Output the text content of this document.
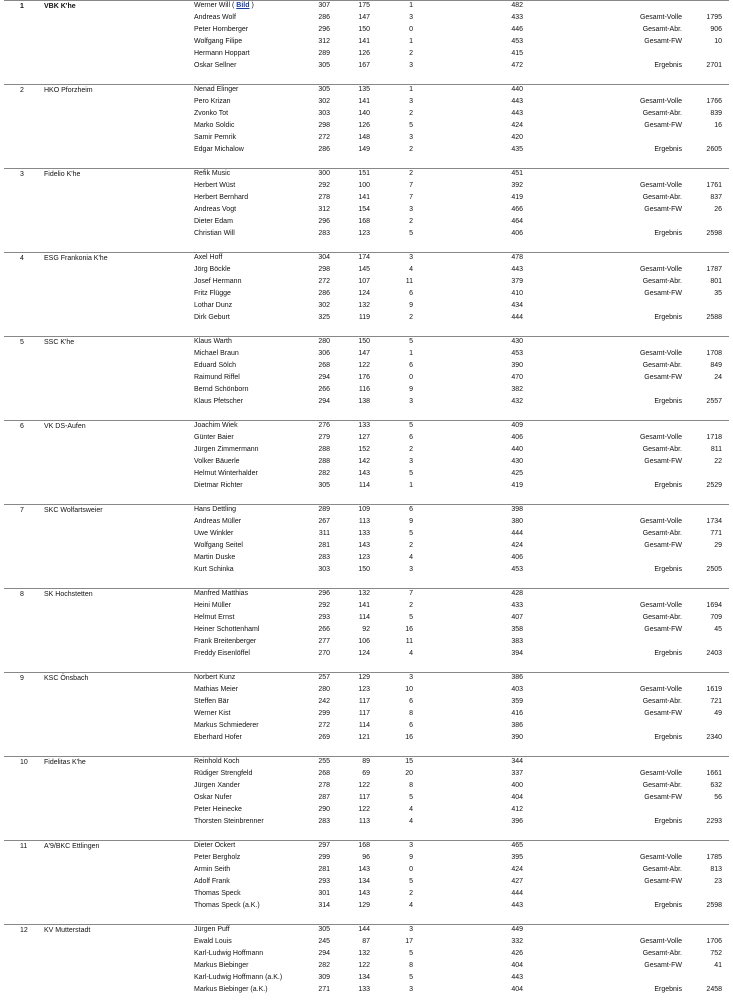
1	VBK K'he	Werner Will ( Bild )	307	175	1	482
Andreas Wolf	286	147	3	433	Gesamt-Volle	1795
Peter Hornberger	296	150	0	446	Gesamt-Abr.	906
Wolfgang Filipe	312	141	1	453	Gesamt-FW	10
Hermann Hoppart	289	126	2	415
Oskar Sellner	305	167	3	472	Ergebnis	2701
2	HKO Pforzheim	Nenad Elinger	305	135	1	440
Pero Krizan	302	141	3	443	Gesamt-Volle	1766
Zvonko Tot	303	140	2	443	Gesamt-Abr.	839
Marko Soldic	298	126	5	424	Gesamt-FW	16
Samir Pemrik	272	148	3	420
Edgar Michalow	286	149	2	435	Ergebnis	2605
3	Fidelio K'he	Refik Music	300	151	2	451
Herbert Wüst	292	100	7	392	Gesamt-Volle	1761
Herbert Bernhard	278	141	7	419	Gesamt-Abr.	837
Andreas Vogt	312	154	3	466	Gesamt-FW	26
Dieter Edam	296	168	2	464
Christian Will	283	123	5	406	Ergebnis	2598
4	ESG Frankonia K'he	Axel Hoff	304	174	3	478
Jörg Böckle	298	145	4	443	Gesamt-Volle	1787
Josef Hermann	272	107	11	379	Gesamt-Abr.	801
Fritz Flügge	286	124	6	410	Gesamt-FW	35
Lothar Dunz	302	132	9	434
Dirk Geburt	325	119	2	444	Ergebnis	2588
5	SSC K'he	Klaus Warth	280	150	5	430
Michael Braun	306	147	1	453	Gesamt-Volle	1708
Eduard Sölch	268	122	6	390	Gesamt-Abr.	849
Raimund Riffel	294	176	0	470	Gesamt-FW	24
Bernd Schönborn	266	116	9	382
Klaus Pfetscher	294	138	3	432	Ergebnis	2557
6	VK DS-Aufen	Joachim Wiek	276	133	5	409
Günter Baier	279	127	6	406	Gesamt-Volle	1718
Jürgen Zimmermann	288	152	2	440	Gesamt-Abr.	811
Volker Bäuerle	288	142	3	430	Gesamt-FW	22
Helmut Winterhalder	282	143	5	425
Dietmar Richter	305	114	1	419	Ergebnis	2529
7	SKC Wolfartsweier	Hans Dettling	289	109	6	398
Andreas Müller	267	113	9	380	Gesamt-Volle	1734
Uwe Winkler	311	133	5	444	Gesamt-Abr.	771
Wolfgang Seitel	281	143	2	424	Gesamt-FW	29
Martin Duske	283	123	4	406
Kurt Schinka	303	150	3	453	Ergebnis	2505
8	SK Hochstetten	Manfred Matthias	296	132	7	428
Heini Müller	292	141	2	433	Gesamt-Volle	1694
Helmut Ernst	293	114	5	407	Gesamt-Abr.	709
Heiner Schottenhaml	266	92	16	358	Gesamt-FW	45
Frank Breitenberger	277	106	11	383
Freddy Eisenlöffel	270	124	4	394	Ergebnis	2403
9	KSC Önsbach	Norbert Kunz	257	129	3	386
Mathias Meier	280	123	10	403	Gesamt-Volle	1619
Steffen Bär	242	117	6	359	Gesamt-Abr.	721
Werner Kist	299	117	8	416	Gesamt-FW	49
Markus Schmiederer	272	114	6	386
Eberhard Hofer	269	121	16	390	Ergebnis	2340
10 Fidelitas K'he	Reinhold Koch	255	89	15	344
Rüdiger Strengfeld	268	69	20	337	Gesamt-Volle	1661
Jürgen Xander	278	122	8	400	Gesamt-Abr.	632
Oskar Nufer	287	117	5	404	Gesamt-FW	56
Peter Heinecke	290	122	4	412
Thorsten Steinbrenner	283	113	4	396	Ergebnis	2293
11 A'9/BKC Ettlingen	Dieter Ockert	297	168	3	465
Peter Bergholz	299	96	9	395	Gesamt-Volle	1785
Armin Seith	281	143	0	424	Gesamt-Abr.	813
Adolf Frank	293	134	5	427	Gesamt-FW	23
Thomas Speck	301	143	2	444
Thomas Speck (a.K.)	314	129	4	443	Ergebnis	2598
12 KV Mutterstadt	Jürgen Puff	305	144	3	449
Ewald Louis	245	87	17	332	Gesamt-Volle	1706
Karl-Ludwig Hoffmann	294	132	5	426	Gesamt-Abr.	752
Markus Biebinger	282	122	8	404	Gesamt-FW	41
Karl-Ludwig Hoffmann (a.K.)	309	134	5	443
Markus Biebinger (a.K.)	271	133	3	404	Ergebnis	2458
